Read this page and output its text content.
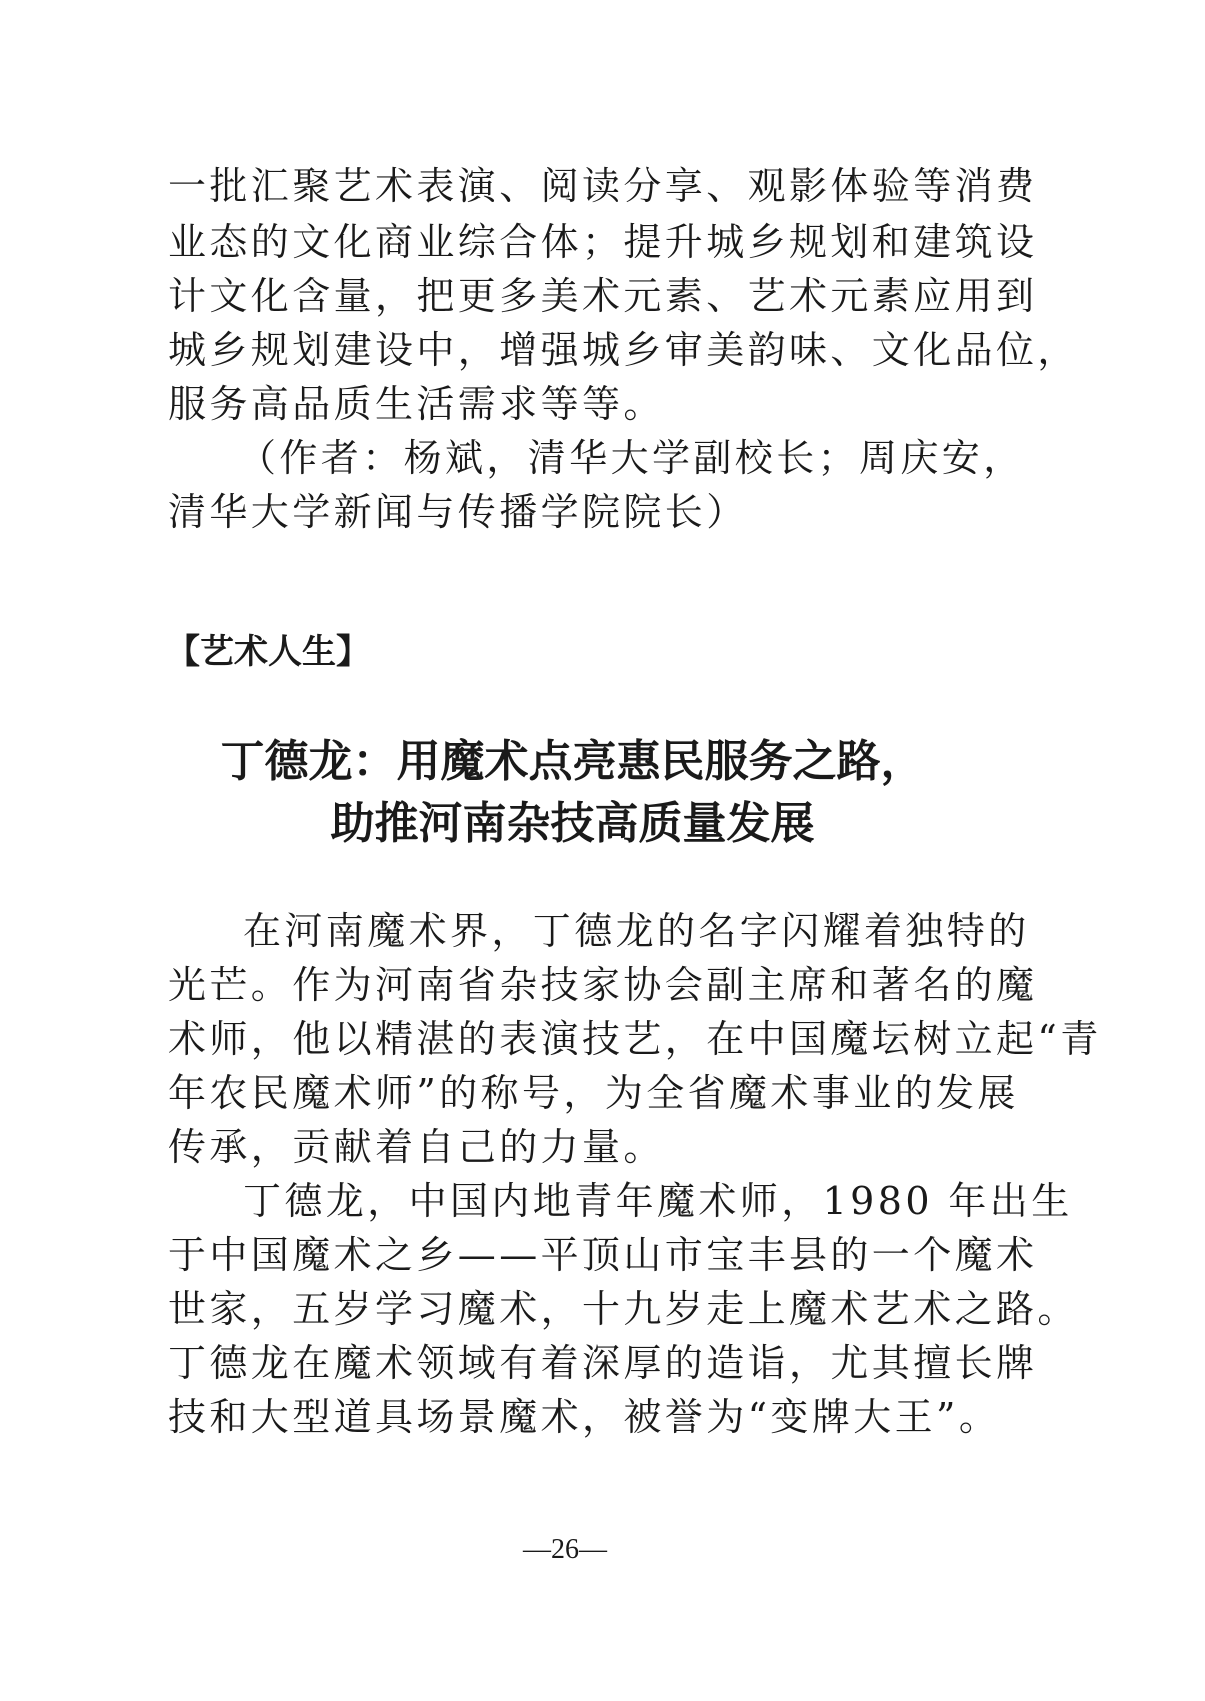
一批汇聚艺术表演、阅读分享、观影体验等消费
业态的文化商业综合体；提升城乡规划和建筑设
计文化含量，把更多美术元素、艺术元素应用到
城乡规划建设中，增强城乡审美韵味、文化品位，
服务高品质生活需求等等。
（作者：杨斌，清华大学副校长；周庆安，
清华大学新闻与传播学院院长）
【艺术人生】
丁德龙：用魔术点亮惠民服务之路，
助推河南杂技高质量发展
在河南魔术界，丁德龙的名字闪耀着独特的
光芒。作为河南省杂技家协会副主席和著名的魔
术师，他以精湛的表演技艺，在中国魔坛树立起“青
年农民魔术师”的称号，为全省魔术事业的发展
传承，贡献着自己的力量。
丁德龙，中国内地青年魔术师，1980 年出生
于中国魔术之乡——平顶山市宝丰县的一个魔术
世家，五岁学习魔术，十九岁走上魔术艺术之路。
丁德龙在魔术领域有着深厚的造诣，尤其擅长牌
技和大型道具场景魔术，被誉为“变牌大王”。
—26—
